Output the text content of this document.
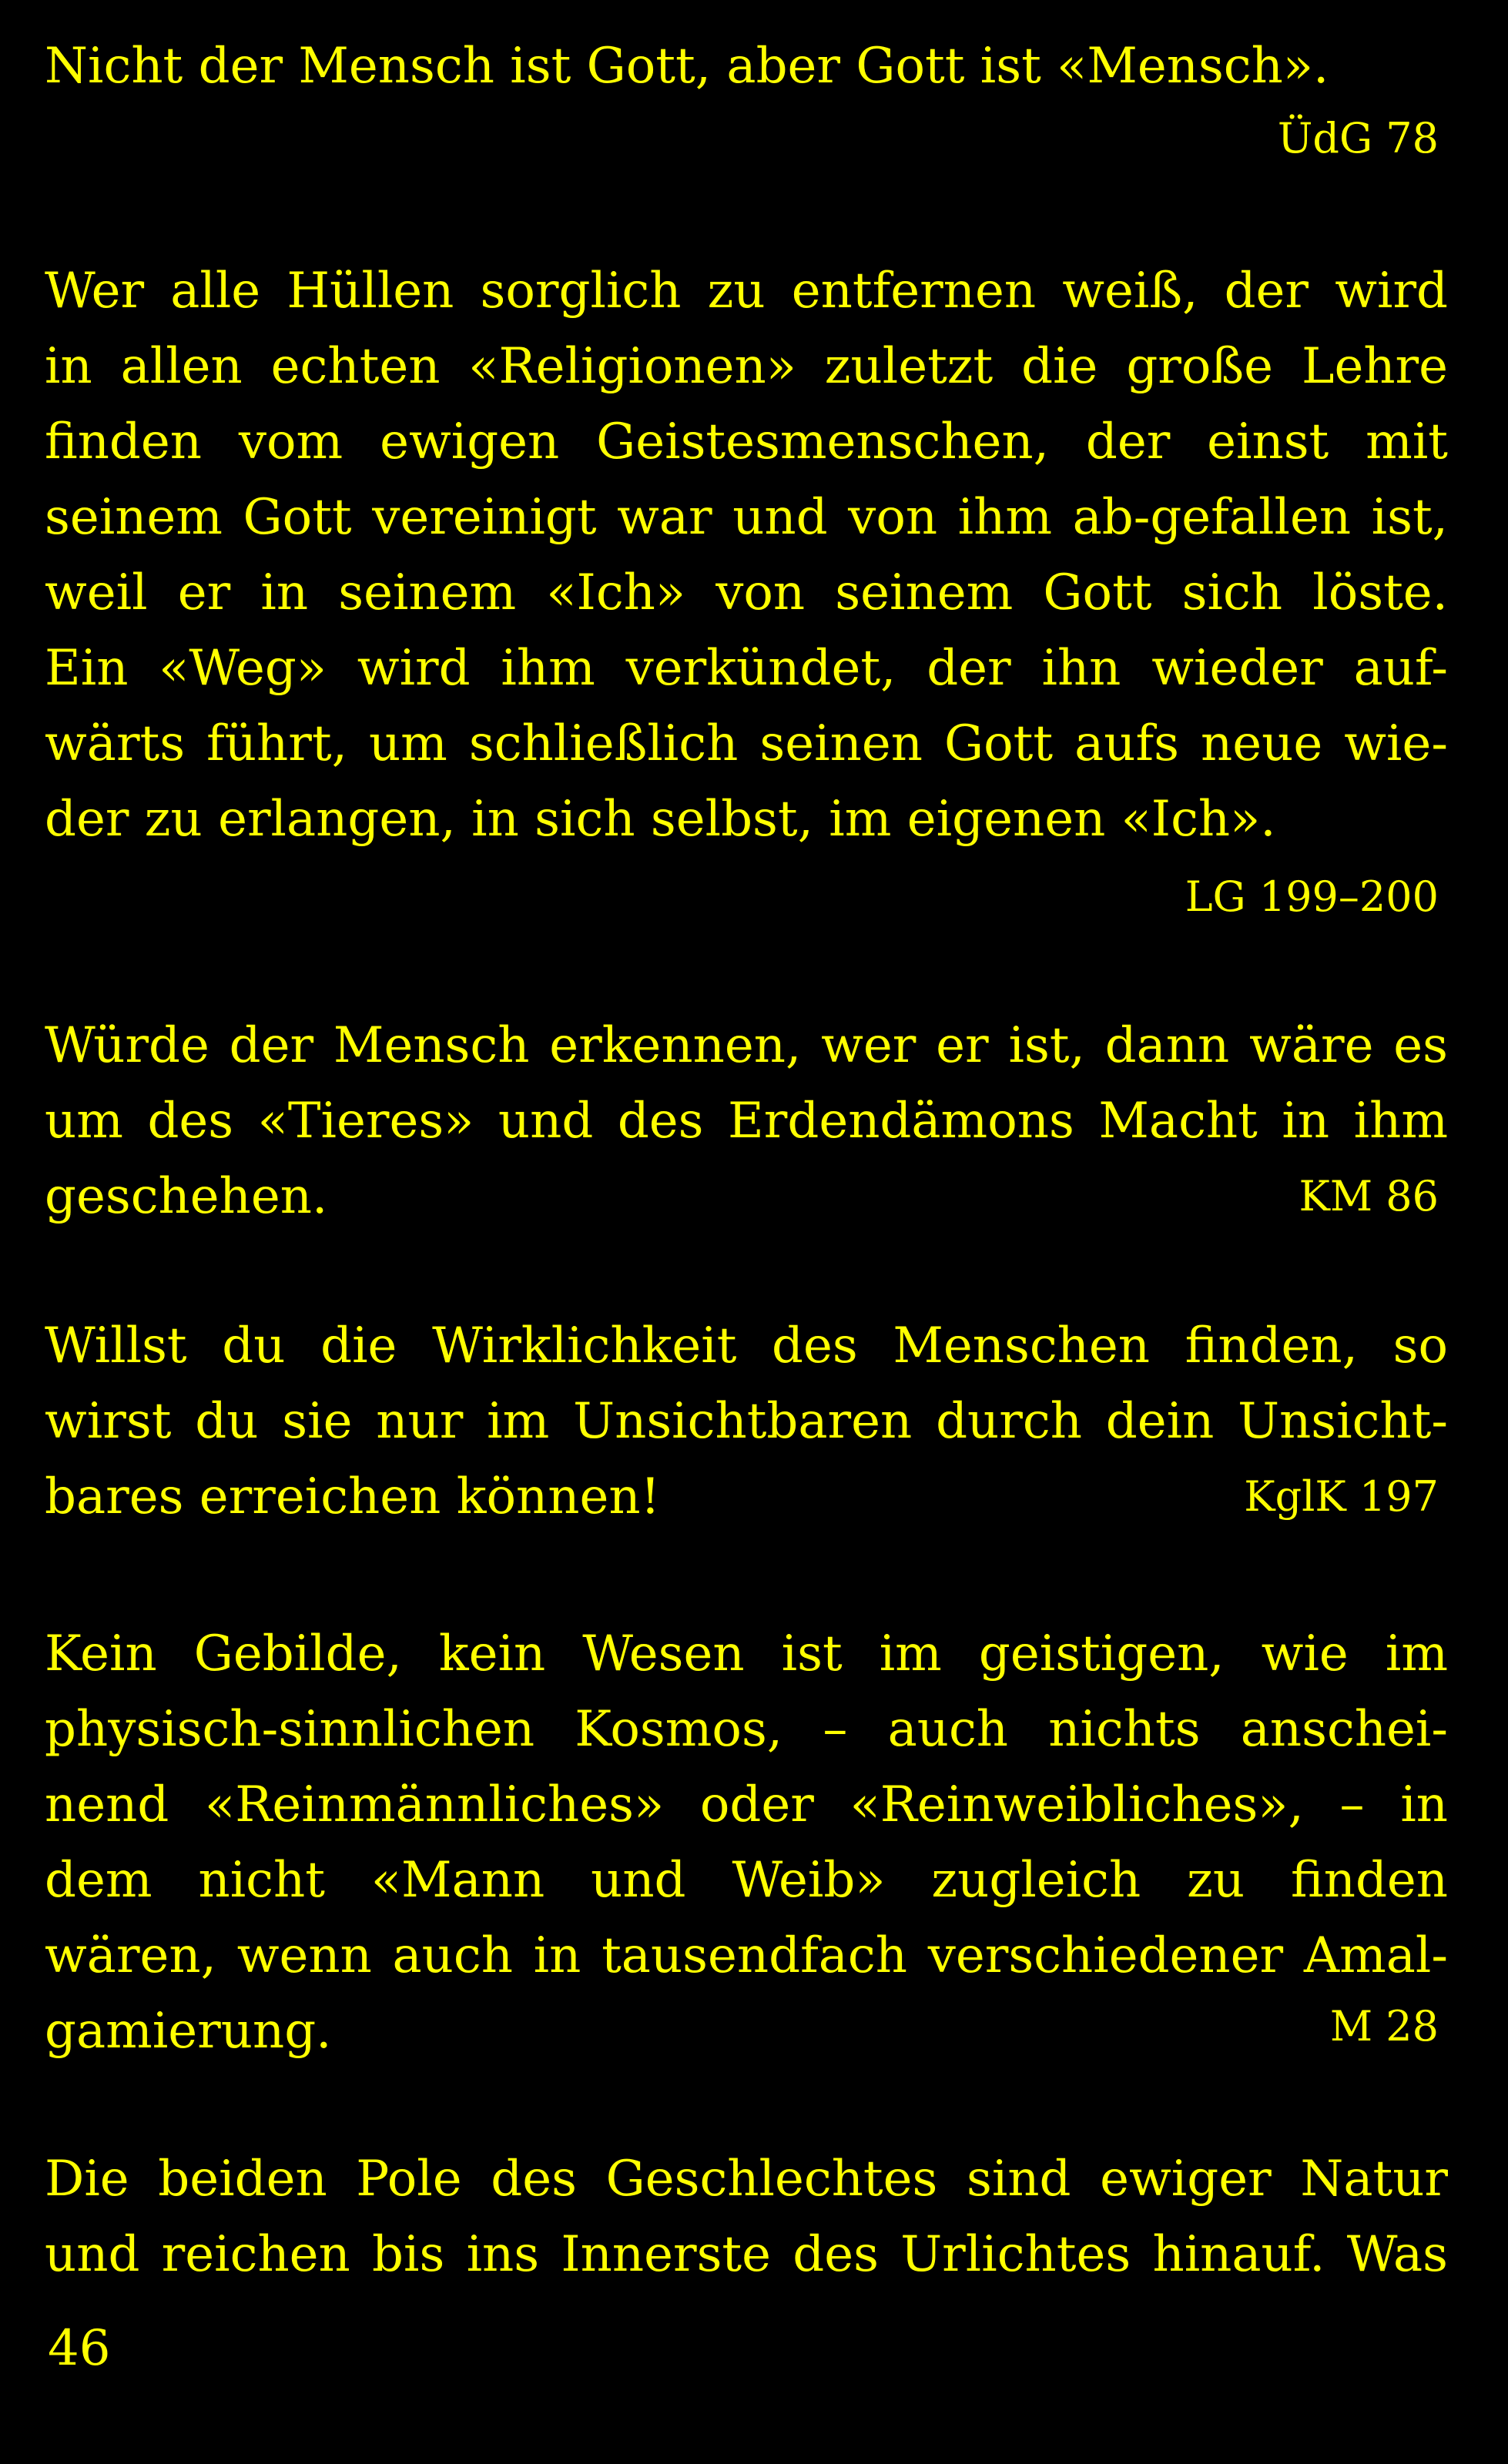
Nicht der Mensch ist Gott, aber Gott ist «Mensch».
ÜdG 78
Wer alle Hüllen sorglich zu entfernen weiß, der wird
in allen echten «Religionen» zuletzt die große Lehre
finden vom ewigen Geistesmenschen, der einst mit
seinem Gott vereinigt war und von ihm ab-gefallen ist,
weil er in seinem «Ich» von seinem Gott sich löste.
Ein «Weg» wird ihm verkündet, der ihn wieder auf-
wärts führt, um schließlich seinen Gott aufs neue wie-
der zu erlangen, in sich selbst, im eigenen «Ich».
LG 199–200
Würde der Mensch erkennen, wer er ist, dann wäre es
um des «Tieres» und des Erdendämons Macht in ihm
geschehen.	KM 86
Willst du die Wirklichkeit des Menschen finden, so
wirst du sie nur im Unsichtbaren durch dein Unsicht-
bares erreichen können!	KglK 197
Kein Gebilde, kein Wesen ist im geistigen, wie im
physisch-sinnlichen Kosmos, – auch nichts anschei-
nend «Reinmännliches» oder «Reinweibliches», – in
dem nicht «Mann und Weib» zugleich zu finden
wären, wenn auch in tausendfach verschiedener Amal-
gamierung.	M 28
Die beiden Pole des Geschlechtes sind ewiger Natur
und reichen bis ins Innerste des Urlichtes hinauf. Was
46
